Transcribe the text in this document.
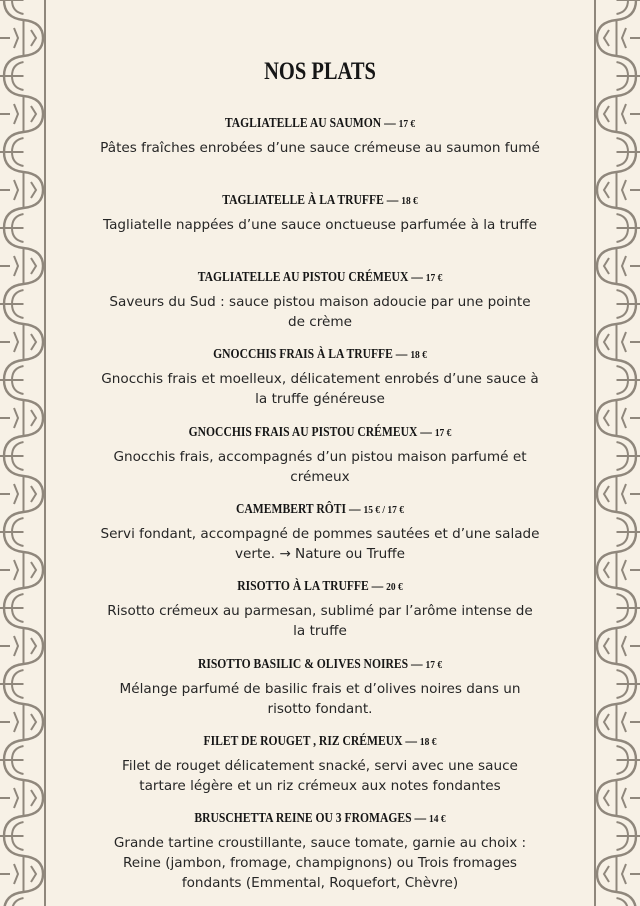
NOS PLATS
TAGLIATELLE AU SAUMON — 17 €
Pâtes fraîches enrobées d’une sauce crémeuse au saumon fumé
TAGLIATELLE À LA TRUFFE — 18 €
Tagliatelle nappées d’une sauce onctueuse parfumée à la truffe
TAGLIATELLE AU PISTOU CRÉMEUX — 17 €
Saveurs du Sud : sauce pistou maison adoucie par une pointe de crème
GNOCCHIS FRAIS À LA TRUFFE — 18 €
Gnocchis frais et moelleux, délicatement enrobés d’une sauce à la truffe généreuse
GNOCCHIS FRAIS AU PISTOU CRÉMEUX — 17 €
Gnocchis frais, accompagnés d’un pistou maison parfumé et crémeux
CAMEMBERT RÔTI — 15 € / 17 €
Servi fondant, accompagné de pommes sautées et d’une salade verte. → Nature ou Truffe
RISOTTO À LA TRUFFE — 20 €
Risotto crémeux au parmesan, sublimé par l’arôme intense de la truffe
RISOTTO BASILIC & OLIVES NOIRES — 17 €
Mélange parfumé de basilic frais et d’olives noires dans un risotto fondant.
FILET DE ROUGET , RIZ CRÉMEUX — 18 €
Filet de rouget délicatement snacké, servi avec une sauce tartare légère et un riz crémeux aux notes fondantes
BRUSCHETTA REINE OU 3 FROMAGES — 14 €
Grande tartine croustillante, sauce tomate, garnie au choix : Reine (jambon, fromage, champignons) ou Trois fromages fondants (Emmental, Roquefort, Chèvre)
